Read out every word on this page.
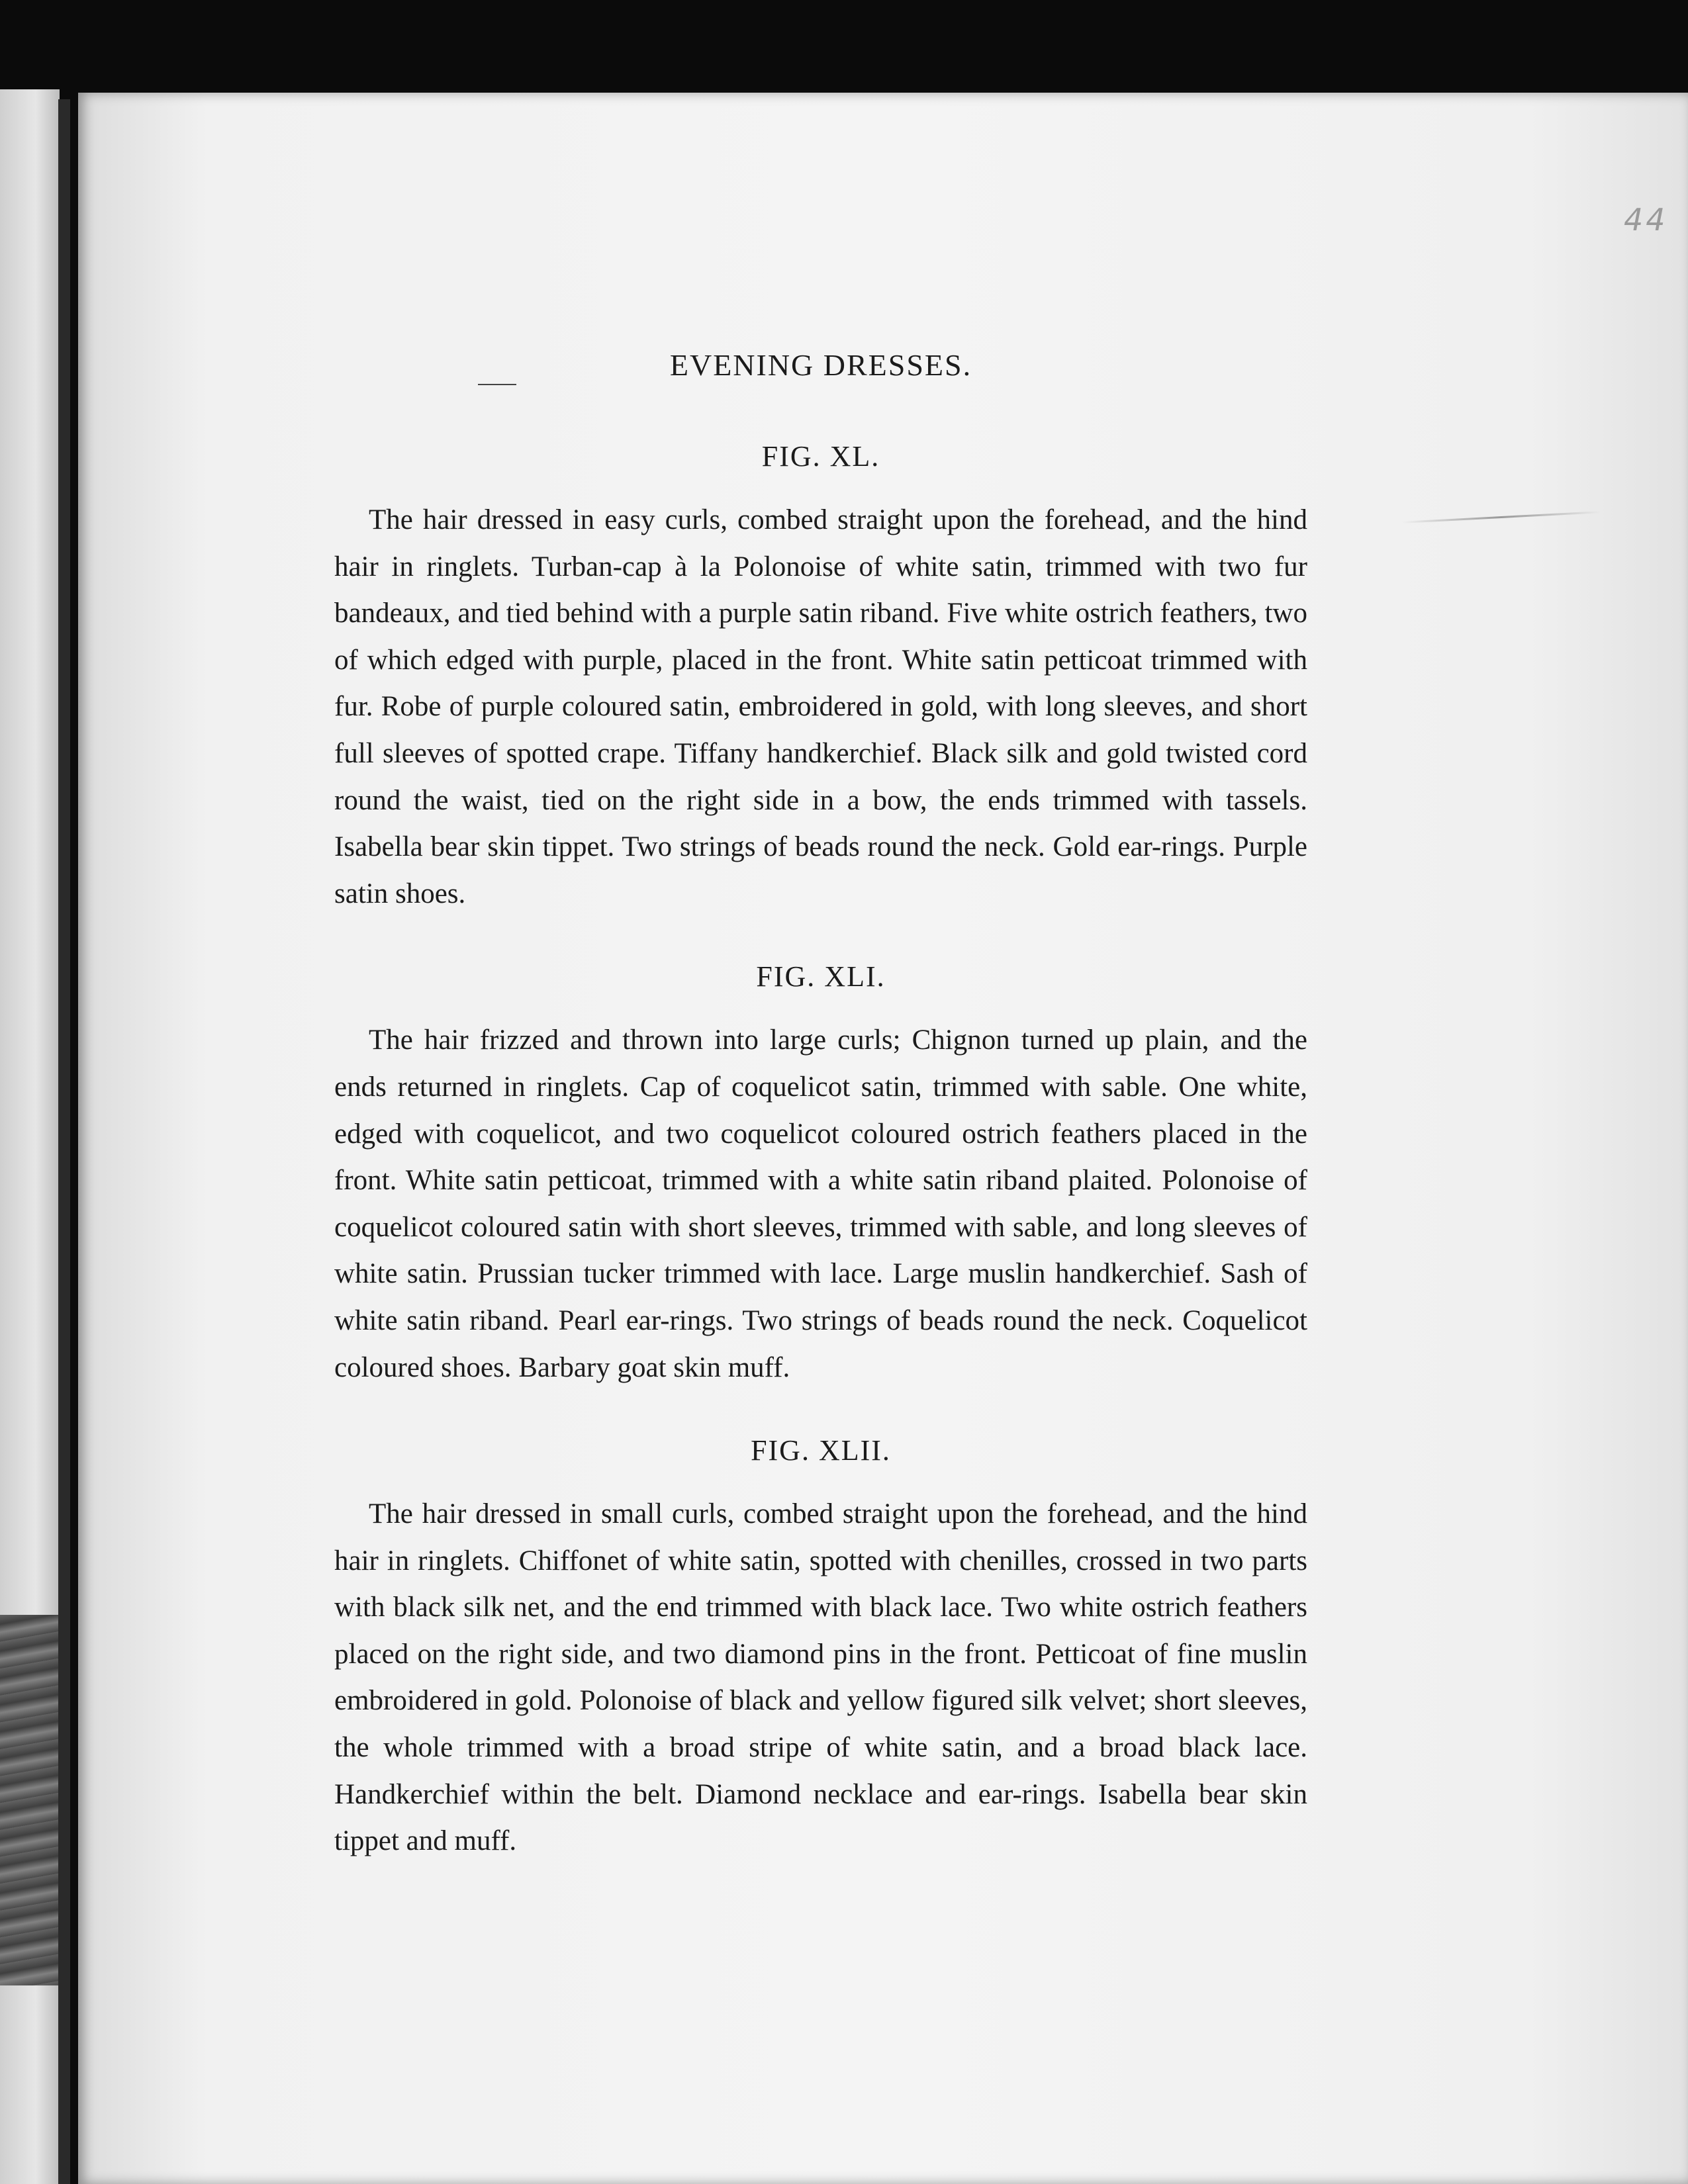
44
EVENING DRESSES.
FIG. XL.

The hair dressed in easy curls, combed straight upon the forehead, and the hind hair in ringlets. Turban-cap à la Polonoise of white satin, trimmed with two fur bandeaux, and tied behind with a purple satin riband. Five white ostrich feathers, two of which edged with purple, placed in the front. White satin petticoat trimmed with fur. Robe of purple coloured satin, embroidered in gold, with long sleeves, and short full sleeves of spotted crape. Tiffany handkerchief. Black silk and gold twisted cord round the waist, tied on the right side in a bow, the ends trimmed with tassels. Isabella bear skin tippet. Two strings of beads round the neck. Gold ear-rings. Purple satin shoes.

FIG. XLI.

The hair frizzed and thrown into large curls; Chignon turned up plain, and the ends returned in ringlets. Cap of coquelicot satin, trimmed with sable. One white, edged with coquelicot, and two coquelicot coloured ostrich feathers placed in the front. White satin petticoat, trimmed with a white satin riband plaited. Polonoise of coquelicot coloured satin with short sleeves, trimmed with sable, and long sleeves of white satin. Prussian tucker trimmed with lace. Large muslin handkerchief. Sash of white satin riband. Pearl ear-rings. Two strings of beads round the neck. Coquelicot coloured shoes. Barbary goat skin muff.

FIG. XLII.

The hair dressed in small curls, combed straight upon the forehead, and the hind hair in ringlets. Chiffonet of white satin, spotted with chenilles, crossed in two parts with black silk net, and the end trimmed with black lace. Two white ostrich feathers placed on the right side, and two diamond pins in the front. Petticoat of fine muslin embroidered in gold. Polonoise of black and yellow figured silk velvet; short sleeves, the whole trimmed with a broad stripe of white satin, and a broad black lace. Handkerchief within the belt. Diamond necklace and ear-rings. Isabella bear skin tippet and muff.
